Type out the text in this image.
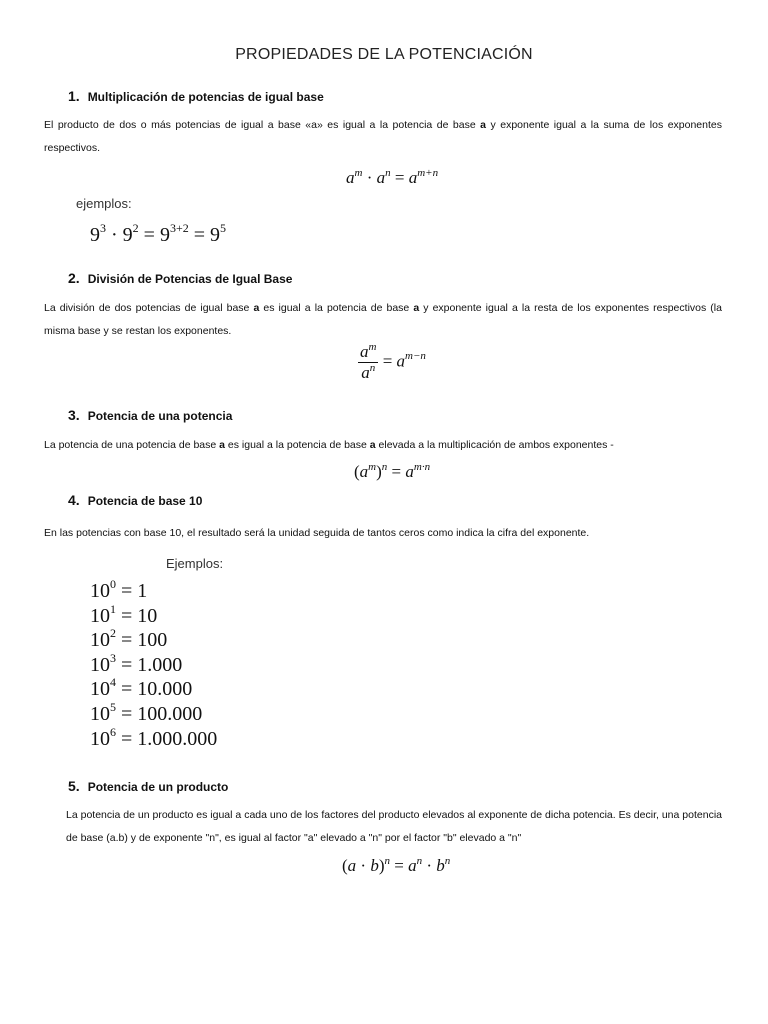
PROPIEDADES DE LA POTENCIACIÓN
1. Multiplicación de potencias de igual base
El producto de dos o más potencias de igual a base «a» es igual a la potencia de base a y exponente igual a la suma de los exponentes respectivos.
$a^m \cdot a^n = a^{m+n}$
ejemplos:
$9^3 \cdot 9^2 = 9^{3+2} = 9^5$
2. División de Potencias de Igual Base
La división de dos potencias de igual base a es igual a la potencia de base a y exponente igual a la resta de los exponentes respectivos (la misma base y se restan los exponentes.
$\frac{a^m}{a^n} = a^{m-n}$
3. Potencia de una potencia
La potencia de una potencia de base a es igual a la potencia de base a elevada a la multiplicación de ambos exponentes -
$(a^m)^n = a^{m\cdot n}$
4. Potencia de base 10
En las potencias con base 10, el resultado será la unidad seguida de tantos ceros como indica la cifra del exponente.
Ejemplos:
$10^0 = 1$
$10^1 = 10$
$10^2 = 100$
$10^3 = 1.000$
$10^4 = 10.000$
$10^5 = 100.000$
$10^6 = 1.000.000$
5. Potencia de un producto
La potencia de un producto es igual a cada uno de los factores del producto elevados al exponente de dicha potencia. Es decir, una potencia de base (a.b) y de exponente "n", es igual al factor "a" elevado a "n" por el factor "b" elevado a "n"
$(a \cdot b)^n = a^n \cdot b^n$
